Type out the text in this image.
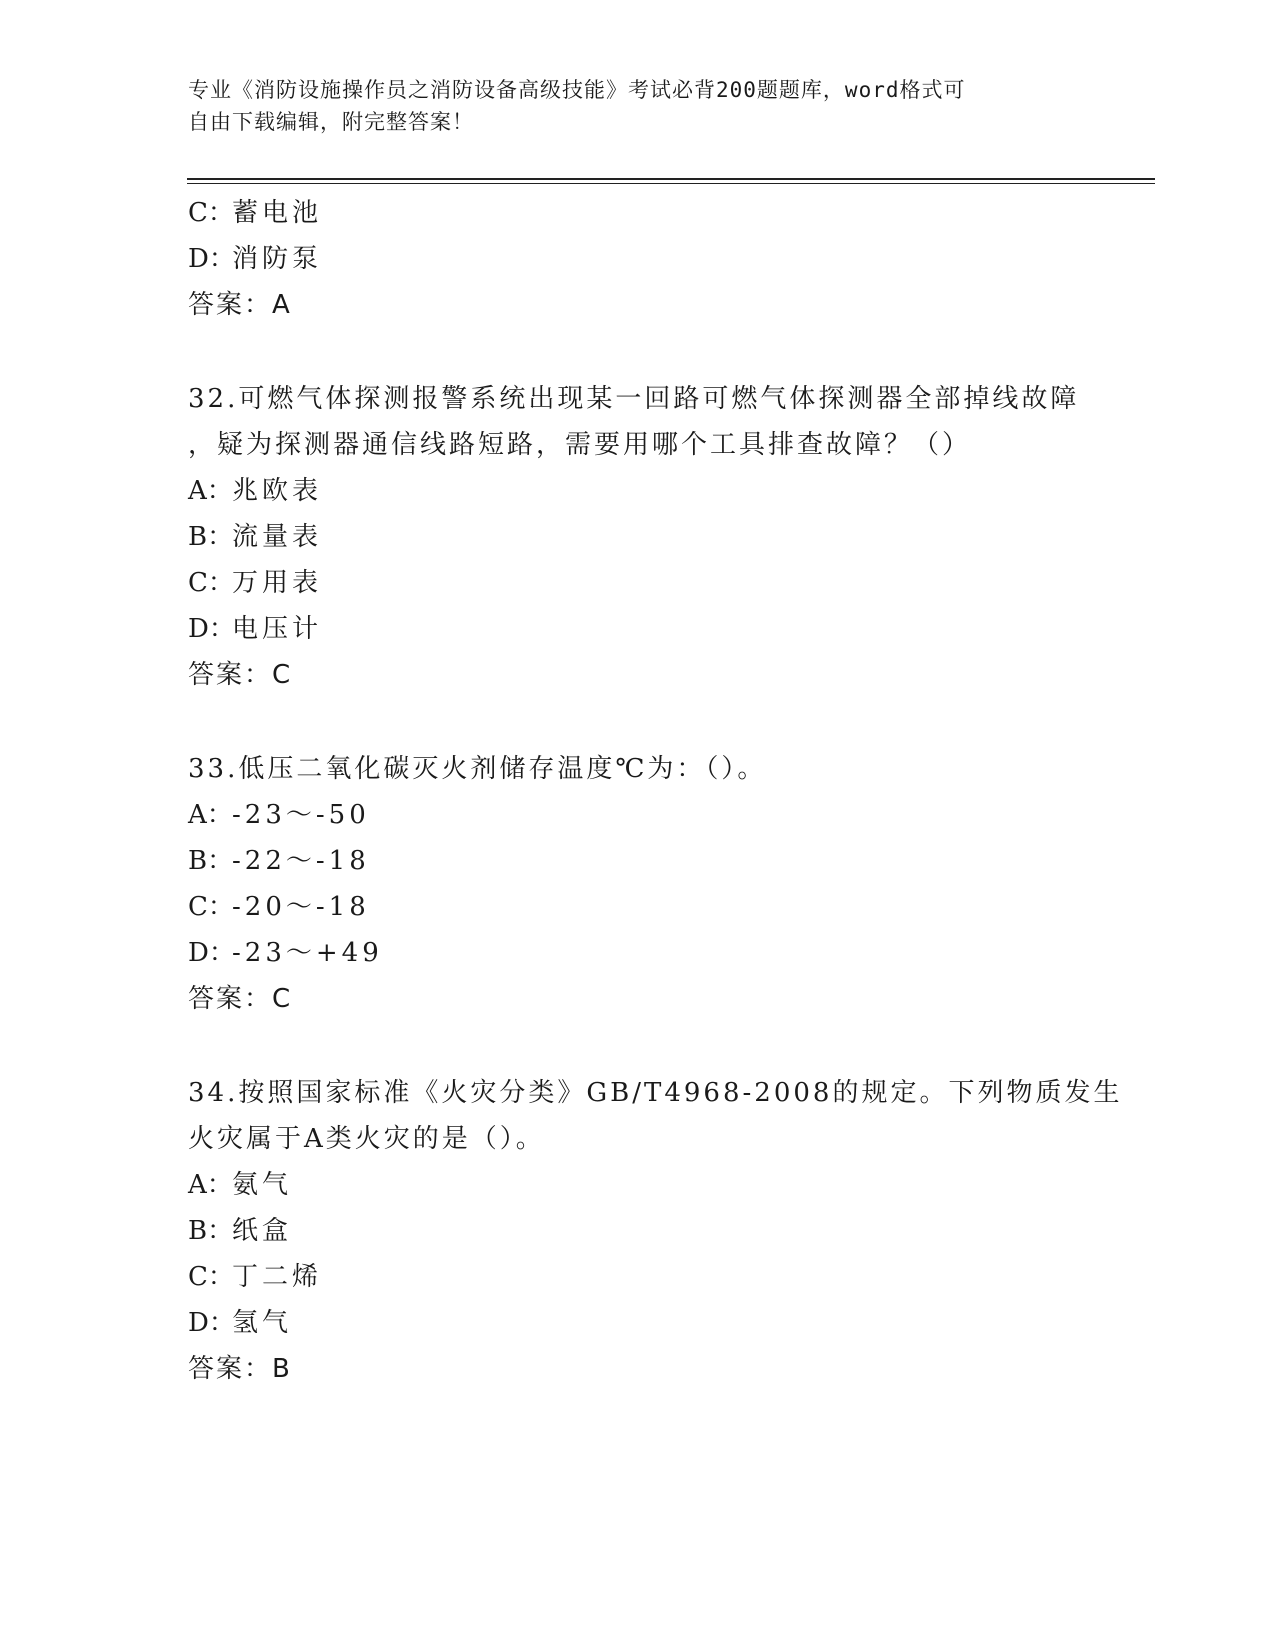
专业《消防设施操作员之消防设备高级技能》考试必背200题题库，word格式可
自由下载编辑，附完整答案！
C：蓄电池
D：消防泵
答案：A
32.可燃气体探测报警系统出现某一回路可燃气体探测器全部掉线故障
，疑为探测器通信线路短路，需要用哪个工具排查故障？（）
A：兆欧表
B：流量表
C：万用表
D：电压计
答案：C
33.低压二氧化碳灭火剂储存温度℃为：（）。
A：-23～-50
B：-22～-18
C：-20～-18
D：-23～+49
答案：C
34.按照国家标准《火灾分类》GB/T4968-2008的规定。下列物质发生
火灾属于A类火灾的是（）。
A：氨气
B：纸盒
C：丁二烯
D：氢气
答案：B
